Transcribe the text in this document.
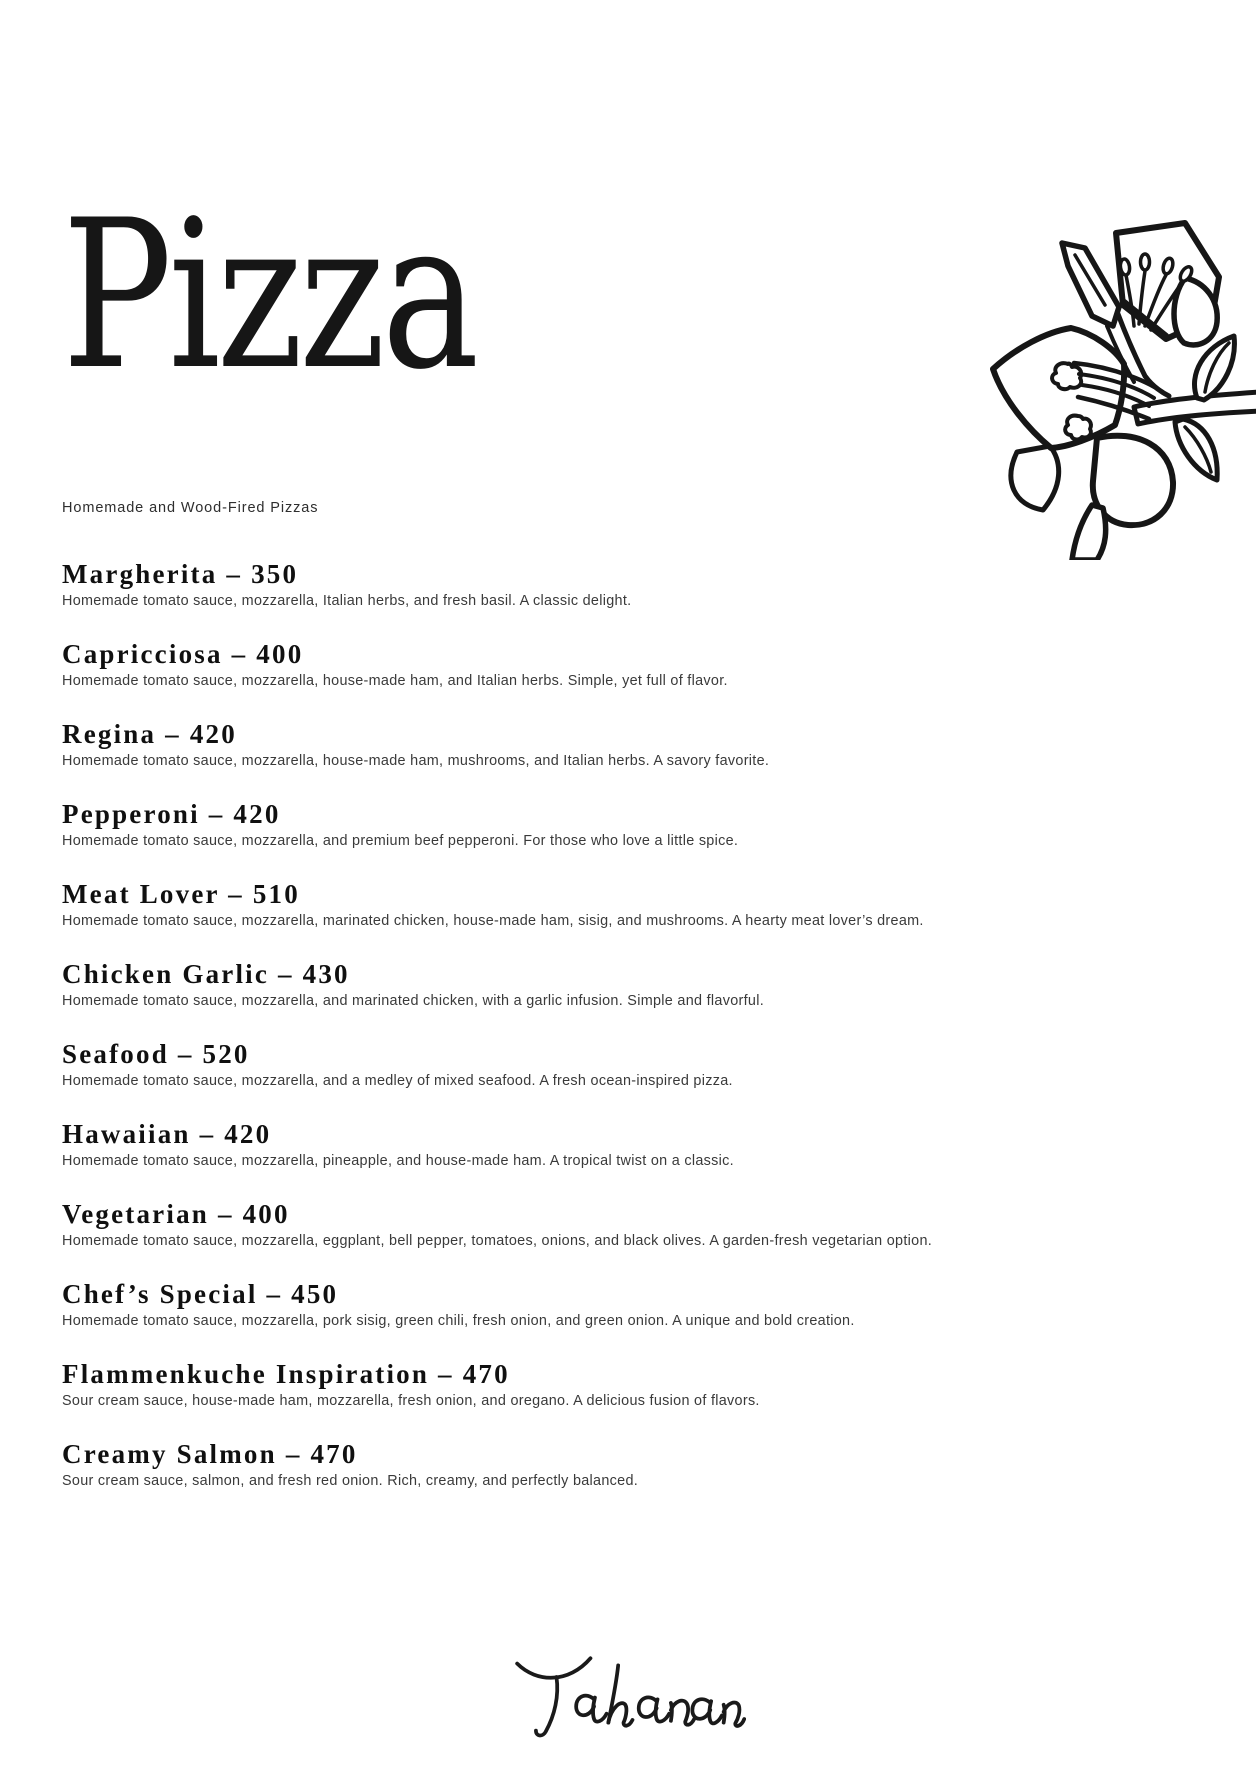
Pizza
Homemade and Wood-Fired Pizzas
Margherita – 350
Homemade tomato sauce, mozzarella, Italian herbs, and fresh basil. A classic delight.
Capricciosa – 400
Homemade tomato sauce, mozzarella, house-made ham, and Italian herbs. Simple, yet full of flavor.
Regina – 420
Homemade tomato sauce, mozzarella, house-made ham, mushrooms, and Italian herbs. A savory favorite.
Pepperoni – 420
Homemade tomato sauce, mozzarella, and premium beef pepperoni. For those who love a little spice.
Meat Lover – 510
Homemade tomato sauce, mozzarella, marinated chicken, house-made ham, sisig, and mushrooms. A hearty meat lover’s dream.
Chicken Garlic – 430
Homemade tomato sauce, mozzarella, and marinated chicken, with a garlic infusion. Simple and flavorful.
Seafood – 520
Homemade tomato sauce, mozzarella, and a medley of mixed seafood. A fresh ocean-inspired pizza.
Hawaiian – 420
Homemade tomato sauce, mozzarella, pineapple, and house-made ham. A tropical twist on a classic.
Vegetarian – 400
Homemade tomato sauce, mozzarella, eggplant, bell pepper, tomatoes, onions, and black olives. A garden-fresh vegetarian option.
Chef’s Special – 450
Homemade tomato sauce, mozzarella, pork sisig, green chili, fresh onion, and green onion. A unique and bold creation.
Flammenkuche Inspiration – 470
Sour cream sauce, house-made ham, mozzarella, fresh onion, and oregano. A delicious fusion of flavors.
Creamy Salmon – 470
Sour cream sauce, salmon, and fresh red onion. Rich, creamy, and perfectly balanced.
